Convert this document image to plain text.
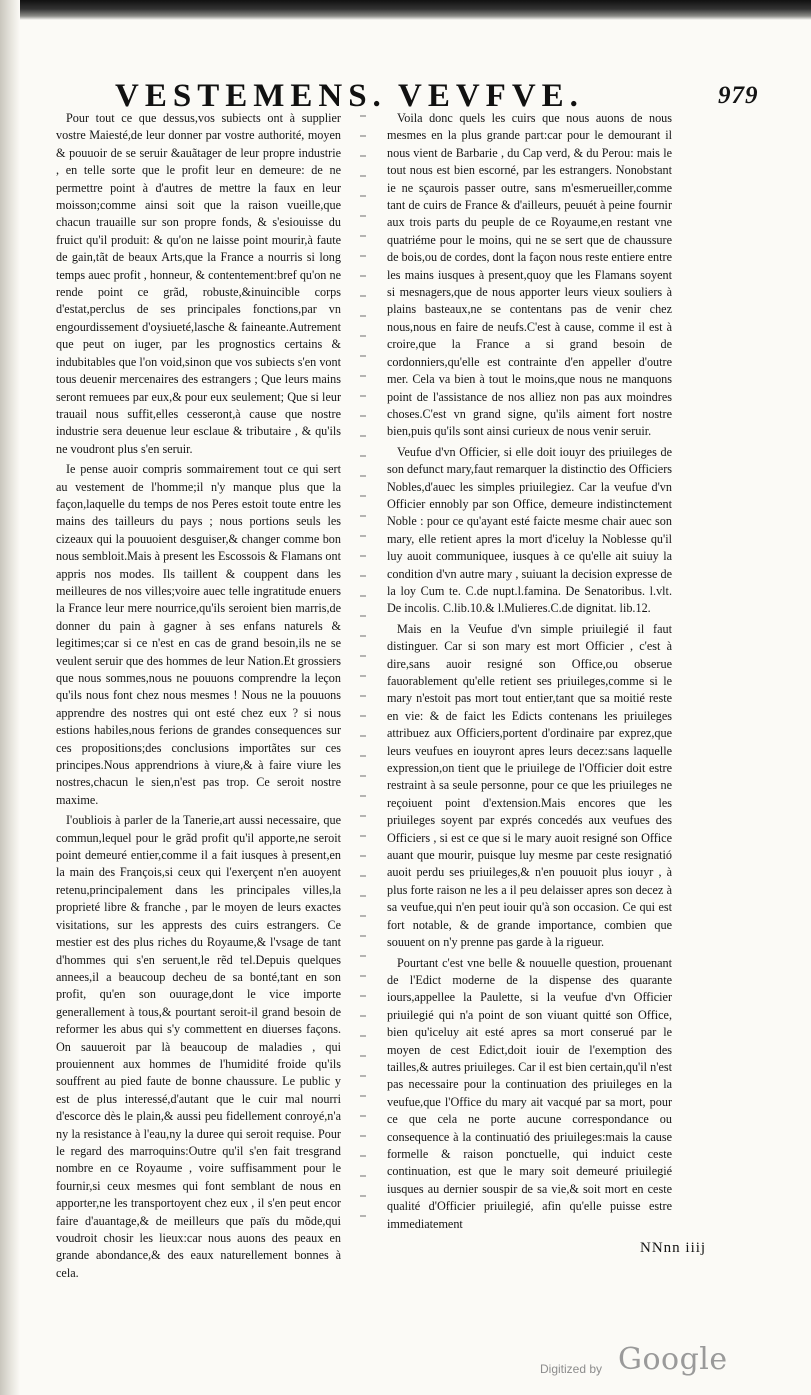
VESTEMENS. VEVFVE.	979

Pour tout ce que dessus,vos subiects ont à supplier vostre Maiesté,de leur donner par vostre authorité, moyen & pouuoir de se seruir &auãtager de leur propre industrie , en telle sorte que le profit leur en demeure: de ne permettre point à d'autres de mettre la faux en leur moisson;comme ainsi soit que la raison vueille,que chacun trauaille sur son propre fonds, & s'esiouisse du fruict qu'il produit: & qu'on ne laisse point mourir,à faute de gain,tãt de beaux Arts,que la France a nourris si long temps auec profit , honneur, & contentement:bref qu'on ne rende point ce grãd, robuste,&inuincible corps d'estat,perclus de ses principales fonctions,par vn engourdissement d'oysiueté,lasche & faineante.Autrement que peut on iuger, par les prognostics certains & indubitables que l'on void,sinon que vos subiects s'en vont tous deuenir mercenaires des estrangers ; Que leurs mains seront remuees par eux,& pour eux seulement; Que si leur trauail nous suffit,elles cesseront,à cause que nostre industrie sera deuenue leur esclaue & tributaire , & qu'ils ne voudront plus s'en seruir.

Ie pense auoir compris sommairement tout ce qui sert au vestement de l'homme;il n'y manque plus que la façon,laquelle du temps de nos Peres estoit toute entre les mains des tailleurs du pays ; nous portions seuls les cizeaux qui la pouuoient desguiser,& changer comme bon nous sembloit.Mais à present les Escossois & Flamans ont appris nos modes. Ils taillent & couppent dans les meilleures de nos villes;voire auec telle ingratitude enuers la France leur mere nourrice,qu'ils seroient bien marris,de donner du pain à gagner à ses enfans naturels & legitimes;car si ce n'est en cas de grand besoin,ils ne se veulent seruir que des hommes de leur Nation.Et grossiers que nous sommes,nous ne pouuons comprendre la leçon qu'ils nous font chez nous mesmes ! Nous ne la pouuons apprendre des nostres qui ont esté chez eux ? si nous estions habiles,nous ferions de grandes consequences sur ces propositions;des conclusions importãtes sur ces principes.Nous apprendrions à viure,& à faire viure les nostres,chacun le sien,n'est pas trop. Ce seroit nostre maxime.

I'oubliois à parler de la Tanerie,art aussi necessaire, que commun,lequel pour le grãd profit qu'il apporte,ne seroit point demeuré entier,comme il a fait iusques à present,en la main des François,si ceux qui l'exerçent n'en auoyent retenu,principalement dans les principales villes,la proprieté libre & franche , par le moyen de leurs exactes visitations, sur les apprests des cuirs estrangers. Ce mestier est des plus riches du Royaume,& l'vsage de tant d'hommes qui s'en seruent,le rẽd tel.Depuis quelques annees,il a beaucoup decheu de sa bonté,tant en son profit, qu'en son ouurage,dont le vice importe generallement à tous,& pourtant seroit-il grand besoin de reformer les abus qui s'y commettent en diuerses façons. On sauueroit par là beaucoup de maladies , qui prouiennent aux hommes de l'humidité froide qu'ils souffrent au pied faute de bonne chaussure. Le public y est de plus interessé,d'autant que le cuir mal nourri d'escorce dès le plain,& aussi peu fidellement conroyé,n'a ny la resistance à l'eau,ny la duree qui seroit requise. Pour le regard des marroquins:Outre qu'il s'en fait tresgrand nombre en ce Royaume , voire suffisamment pour le fournir,si ceux mesmes qui font semblant de nous en apporter,ne les transportoyent chez eux , il s'en peut encor faire d'auantage,& de meilleurs que païs du mõde,qui voudroit chosir les lieux:car nous auons des peaux en grande abondance,& des eaux naturellement bonnes à cela.

Voila donc quels les cuirs que nous auons de nous mesmes en la plus grande part:car pour le demourant il nous vient de Barbarie , du Cap verd, & du Perou: mais le tout nous est bien escorné, par les estrangers. Nonobstant ie ne sçaurois passer outre, sans m'esmerueiller,comme tant de cuirs de France & d'ailleurs, peuuét à peine fournir aux trois parts du peuple de ce Royaume,en restant vne quatriéme pour le moins, qui ne se sert que de chaussure de bois,ou de cordes, dont la façon nous reste entiere entre les mains iusques à present,quoy que les Flamans soyent si mesnagers,que de nous apporter leurs vieux souliers à plains basteaux,ne se contentans pas de venir chez nous,nous en faire de neufs.C'est à cause, comme il est à croire,que la France a si grand besoin de cordonniers,qu'elle est contrainte d'en appeller d'outre mer. Cela va bien à tout le moins,que nous ne manquons point de l'assistance de nos alliez non pas aux moindres choses.C'est vn grand signe, qu'ils aiment fort nostre bien,puis qu'ils sont ainsi curieux de nous venir seruir.

Veufue d'vn Officier, si elle doit iouyr des priuileges de son defunct mary,faut remarquer la distinctio des Officiers Nobles,d'auec les simples priuilegiez. Car la veufue d'vn Officier ennobly par son Office, demeure indistinctement Noble : pour ce qu'ayant esté faicte mesme chair auec son mary, elle retient apres la mort d'iceluy la Noblesse qu'il luy auoit communiquee, iusques à ce qu'elle ait suiuy la condition d'vn autre mary , suiuant la decision expresse de la loy Cum te. C.de nupt.l.famina. De Senatoribus. l.vlt. De incolis. C.lib.10.& l.Mulieres.C.de dignitat. lib.12.

Mais en la Veufue d'vn simple priuilegié il faut distinguer. Car si son mary est mort Officier , c'est à dire,sans auoir resigné son Office,ou obserue fauorablement qu'elle retient ses priuileges,comme si le mary n'estoit pas mort tout entier,tant que sa moitié reste en vie: & de faict les Edicts contenans les priuileges attribuez aux Officiers,portent d'ordinaire par exprez,que leurs veufues en iouyront apres leurs decez:sans laquelle expression,on tient que le priuilege de l'Officier doit estre restraint à sa seule personne, pour ce que les priuileges ne reçoiuent point d'extension.Mais encores que les priuileges soyent par exprés concedés aux veufues des Officiers , si est ce que si le mary auoit resigné son Office auant que mourir, puisque luy mesme par ceste resignatió auoit perdu ses priuileges,& n'en pouuoit plus iouyr , à plus forte raison ne les a il peu delaisser apres son decez à sa veufue,qui n'en peut iouir qu'à son occasion. Ce qui est fort notable, & de grande importance, combien que souuent on n'y prenne pas garde à la rigueur.

Pourtant c'est vne belle & nouuelle question, prouenant de l'Edict moderne de la dispense des quarante iours,appellee la Paulette, si la veufue d'vn Officier priuilegié qui n'a point de son viuant quitté son Office, bien qu'iceluy ait esté apres sa mort conserué par le moyen de cest Edict,doit iouir de l'exemption des tailles,& autres priuileges. Car il est bien certain,qu'il n'est pas necessaire pour la continuation des priuileges en la veufue,que l'Office du mary ait vacqué par sa mort, pour ce que cela ne porte aucune correspondance ou consequence à la continuatió des priuileges:mais la cause formelle & raison ponctuelle, qui induict ceste continuation, est que le mary soit demeuré priuilegié iusques au dernier souspir de sa vie,& soit mort en ceste qualité d'Officier priuilegié, afin qu'elle puisse estre immediatement

NNnn iiij
Digitized by Google
